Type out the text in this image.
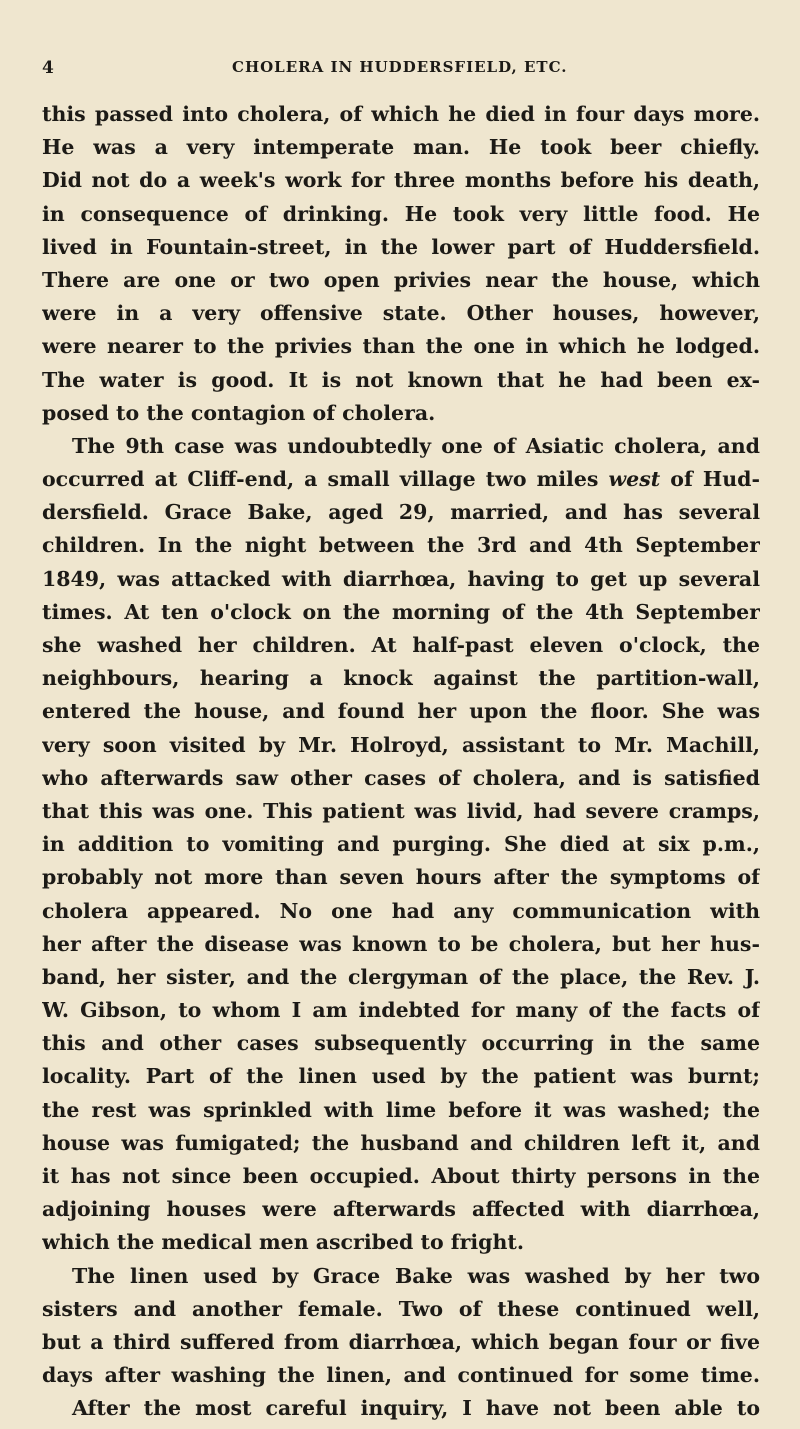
4	CHOLERA IN HUDDERSFIELD, ETC.
this passed into cholera, of which he died in four days more.
He was a very intemperate man. He took beer chiefly.
Did not do a week's work for three months before his death,
in consequence of drinking. He took very little food. He
lived in Fountain-street, in the lower part of Huddersfield.
There are one or two open privies near the house, which
were in a very offensive state. Other houses, however,
were nearer to the privies than the one in which he lodged.
The water is good. It is not known that he had been ex-
posed to the contagion of cholera.
The 9th case was undoubtedly one of Asiatic cholera, and
occurred at Cliff-end, a small village two miles west of Hud-
dersfield. Grace Bake, aged 29, married, and has several
children. In the night between the 3rd and 4th September
1849, was attacked with diarrhœa, having to get up several
times. At ten o'clock on the morning of the 4th September
she washed her children. At half-past eleven o'clock, the
neighbours, hearing a knock against the partition-wall,
entered the house, and found her upon the floor. She was
very soon visited by Mr. Holroyd, assistant to Mr. Machill,
who afterwards saw other cases of cholera, and is satisfied
that this was one. This patient was livid, had severe cramps,
in addition to vomiting and purging. She died at six p.m.,
probably not more than seven hours after the symptoms of
cholera appeared. No one had any communication with
her after the disease was known to be cholera, but her hus-
band, her sister, and the clergyman of the place, the Rev. J.
W. Gibson, to whom I am indebted for many of the facts of
this and other cases subsequently occurring in the same
locality. Part of the linen used by the patient was burnt;
the rest was sprinkled with lime before it was washed; the
house was fumigated; the husband and children left it, and
it has not since been occupied. About thirty persons in the
adjoining houses were afterwards affected with diarrhœa,
which the medical men ascribed to fright.
The linen used by Grace Bake was washed by her two
sisters and another female. Two of these continued well,
but a third suffered from diarrhœa, which began four or five
days after washing the linen, and continued for some time.
After the most careful inquiry, I have not been able to
